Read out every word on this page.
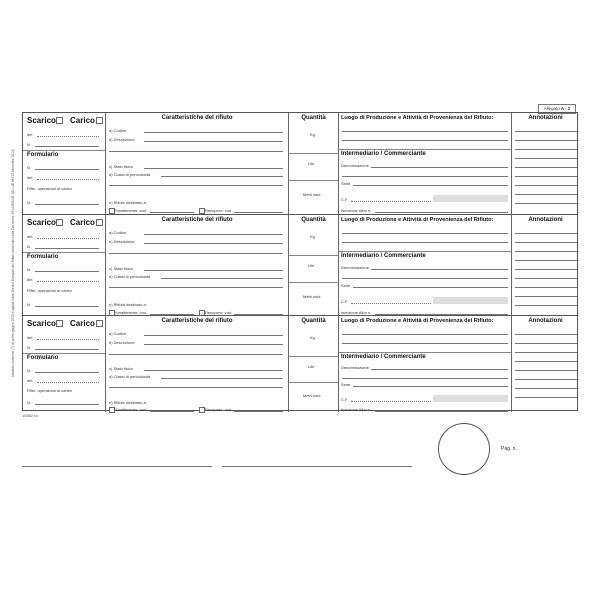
Allegato A - 2
Modello conforme (?) al primo giugno 2015 e agli/al nuovi Elenco Europeo dei Rifiuti contenuto nella Decisione 2014/955/UE (GU UE del 30 dicembre 2014)
Scarico Carico
del
N.
Formulario
N.
del
Rifer. operazioni di carico
N.
Caratteristiche del rifiuto
a) Codice
b) Descrizione
c) Stato fisico
d) Classi di pericolosità
e) Rifiuto destinato a:
Smaltimento: cod.	Recupero: cod.
Quantità
Kg
Litri
Metri cubi
Luogo di Produzione e Attività di Provenienza del Rifiuto:
Intermediario / Commerciante
Denominazione
Sede
C.F.
Iscrizione Albo n.
Annotazioni
Scarico Carico
del
N.
Formulario
N.
del
Rifer. operazioni di carico
N.
Caratteristiche del rifiuto
a) Codice
b) Descrizione
c) Stato fisico
d) Classi di pericolosità
e) Rifiuto destinato a:
Smaltimento: cod.	Recupero: cod.
Quantità
Kg
Litri
Metri cubi
Luogo di Produzione e Attività di Provenienza del Rifiuto:
Intermediario / Commerciante
Denominazione
Sede
C.F.
Iscrizione Albo n.
Annotazioni
Scarico Carico
del
N.
Formulario
N.
del
Rifer. operazioni di carico
N.
Caratteristiche del rifiuto
a) Codice
b) Descrizione
c) Stato fisico
d) Classi di pericolosità
e) Rifiuto destinato a:
Smaltimento: cod.	Recupero: cod.
Quantità
Kg
Litri
Metri cubi
Luogo di Produzione e Attività di Provenienza del Rifiuto:
Intermediario / Commerciante
Denominazione
Sede
C.F.
Iscrizione Albo n.
Annotazioni
16582 bc
Pag. n.
